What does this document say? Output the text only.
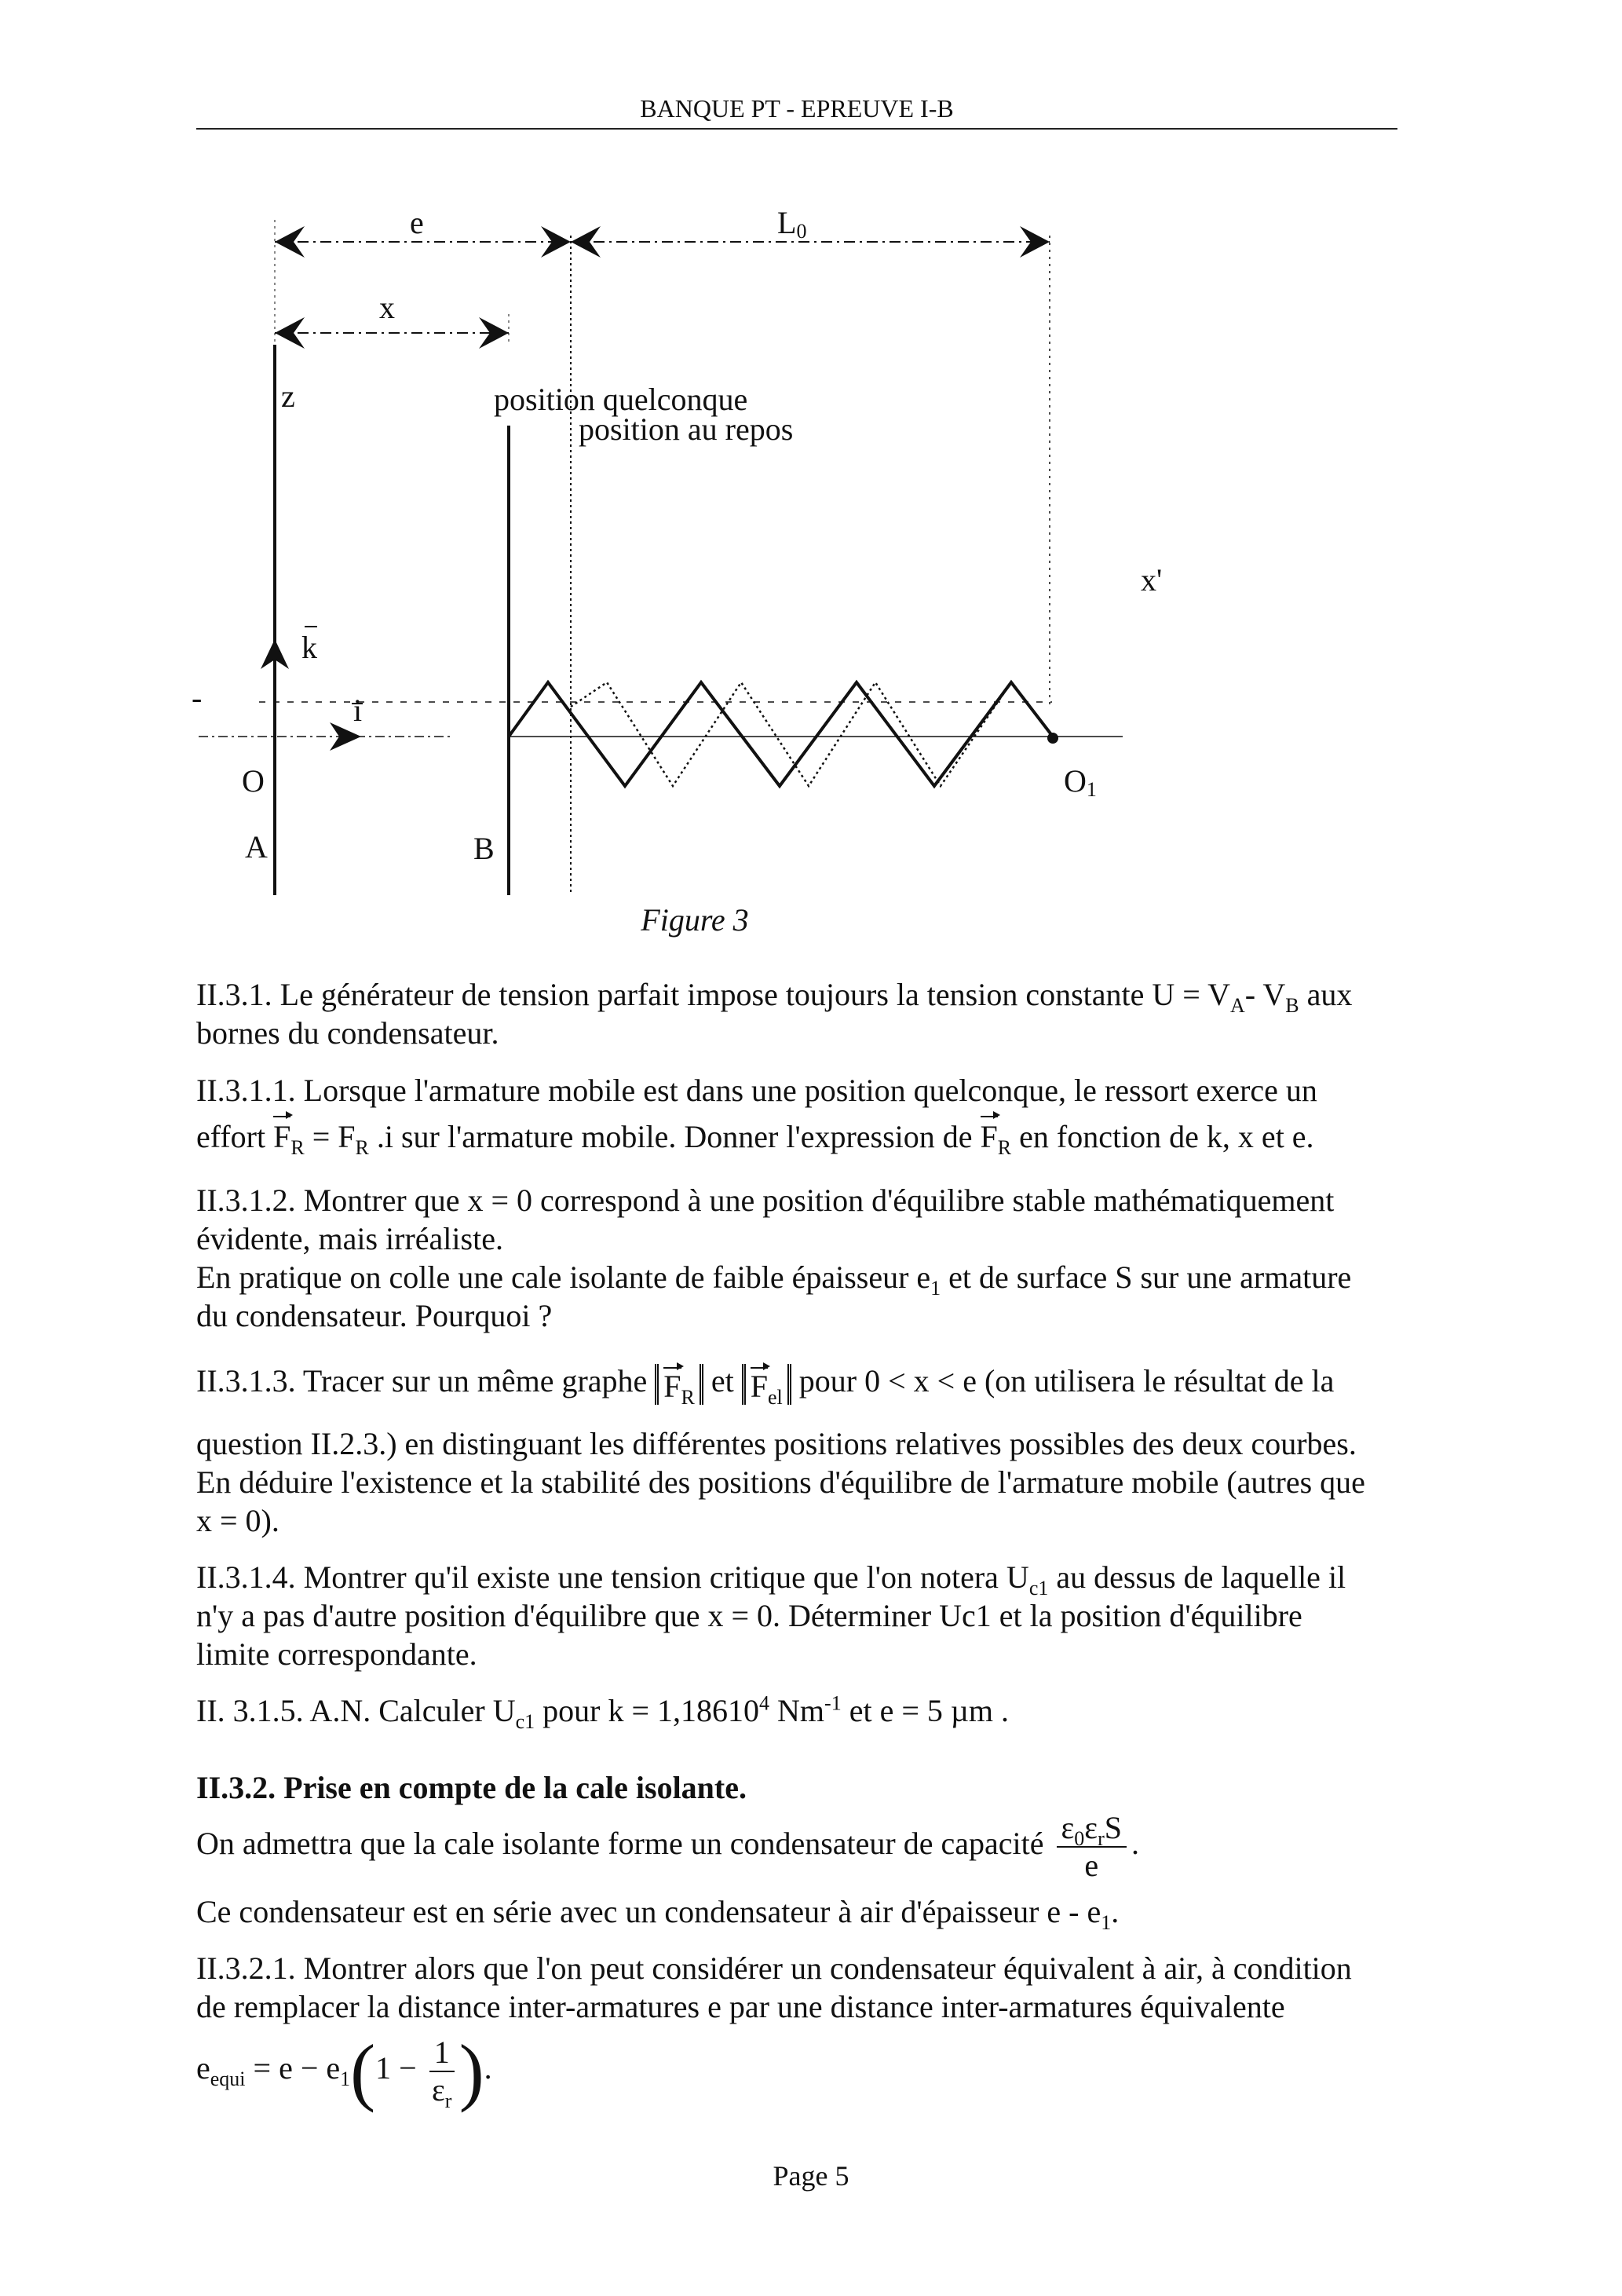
BANQUE PT - EPREUVE I-B
e	L0
x
z	position quelconque
position au repos
k
i
-
O	O1
x'
A	B
Figure 3
II.3.1. Le générateur de tension parfait impose toujours la tension constante $U = V_A-$ $V_B$ aux
bornes du condensateur.
II.3.1.1. Lorsque l'armature mobile est dans une position quelconque, le ressort exerce un
effort $F_R = F_R$ .i sur l'armature mobile. Donner l'expression de $F_R$ en fonction de k, x et e.
II.3.1.2. Montrer que x = 0 correspond à une position d'équilibre stable mathématiquement
évidente, mais irréaliste.
En pratique on colle une cale isolante de faible épaisseur $e_1$ et de surface S sur une armature
du condensateur. Pourquoi ?
II.3.1.3. Tracer sur un même graphe $F_R$ et $F_{el}$ pour 0 < x < e (on utilisera le résultat de la
question II.2.3.) en distinguant les différentes positions relatives possibles des deux courbes.
En déduire l'existence et la stabilité des positions d'équilibre de l'armature mobile (autres que
x = 0).
II.3.1.4. Montrer qu'il existe une tension critique que l'on notera $U_{c1}$ au dessus de laquelle il
n'y a pas d'autre position d'équilibre que x = 0. Déterminer Uc1 et la position d'équilibre
limite correspondante.
II. 3.1.5. A.N. Calculer $U_{c1}$ pour $k = 1,18610^4$ $Nm^{-1}$ et e = 5 µm .
II.3.2. Prise en compte de la cale isolante.
On admettra que la cale isolante forme un condensateur de capacité $\frac{\varepsilon_0\varepsilon_rS}{e}$ .
Ce condensateur est en série avec un condensateur à air d'épaisseur e - $e_1$.
II.3.2.1. Montrer alors que l'on peut considérer un condensateur équivalent à air, à condition
de remplacer la distance inter-armatures e par une distance inter-armatures équivalente
$e_{equi} = e - e_1(1 - \frac{1}{\varepsilon_r}$ ).
Page 5
